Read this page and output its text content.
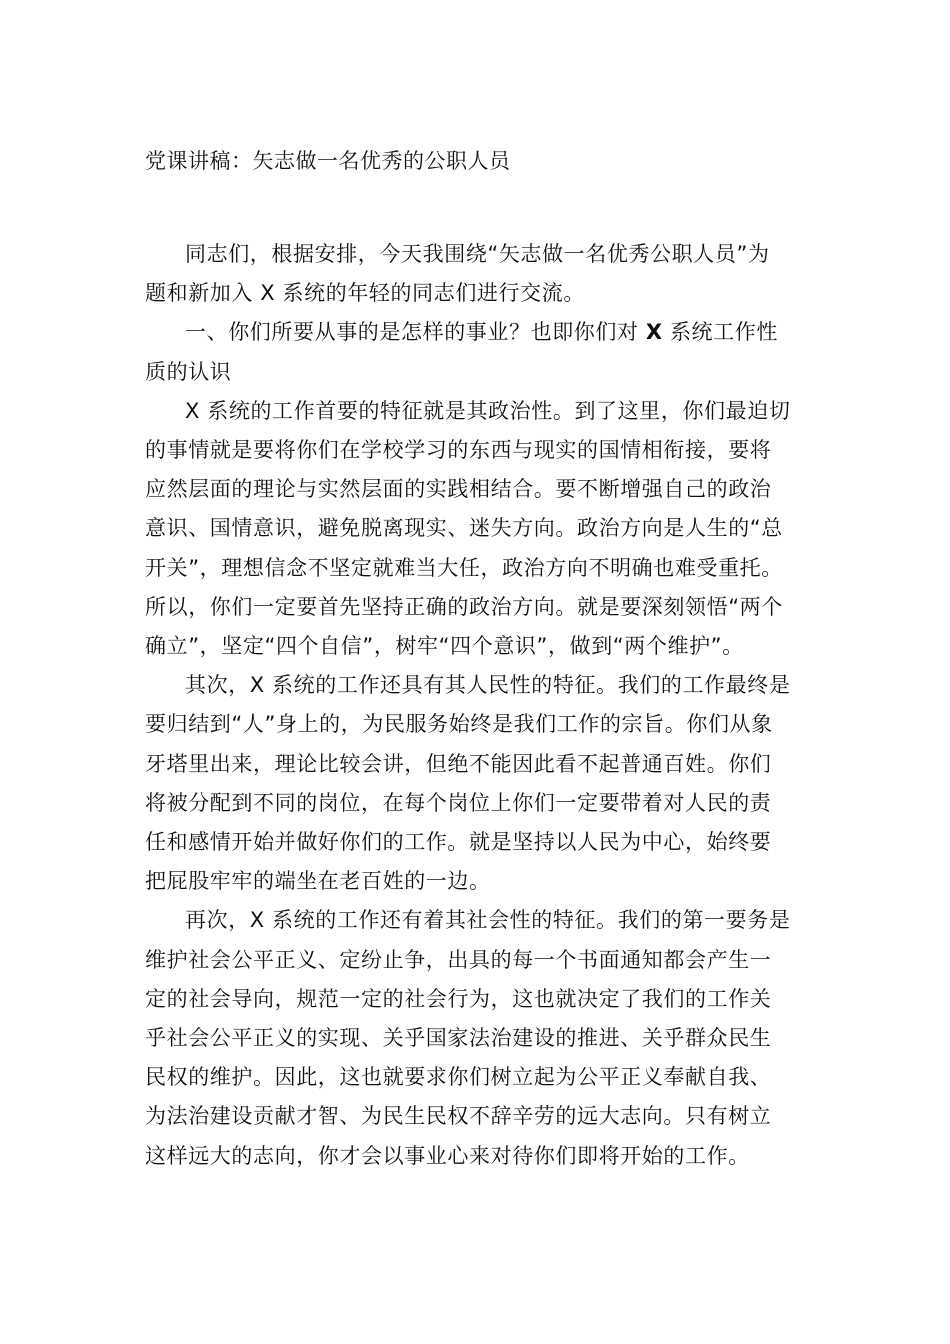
党课讲稿：矢志做一名优秀的公职人员

同志们，根据安排，今天我围绕“矢志做一名优秀公职人员”为
题和新加入 X 系统的年轻的同志们进行交流。

一、你们所要从事的是怎样的事业？也即你们对 X 系统工作性
质的认识

X 系统的工作首要的特征就是其政治性。到了这里，你们最迫切
的事情就是要将你们在学校学习的东西与现实的国情相衔接，要将
应然层面的理论与实然层面的实践相结合。要不断增强自己的政治
意识、国情意识，避免脱离现实、迷失方向。政治方向是人生的“总
开关”，理想信念不坚定就难当大任，政治方向不明确也难受重托。
所以，你们一定要首先坚持正确的政治方向。就是要深刻领悟“两个
确立”，坚定“四个自信”，树牢“四个意识”，做到“两个维护”。

其次，X 系统的工作还具有其人民性的特征。我们的工作最终是
要归结到“人”身上的，为民服务始终是我们工作的宗旨。你们从象
牙塔里出来，理论比较会讲，但绝不能因此看不起普通百姓。你们
将被分配到不同的岗位，在每个岗位上你们一定要带着对人民的责
任和感情开始并做好你们的工作。就是坚持以人民为中心，始终要
把屁股牢牢的端坐在老百姓的一边。

再次，X 系统的工作还有着其社会性的特征。我们的第一要务是
维护社会公平正义、定纷止争，出具的每一个书面通知都会产生一
定的社会导向，规范一定的社会行为，这也就决定了我们的工作关
乎社会公平正义的实现、关乎国家法治建设的推进、关乎群众民生
民权的维护。因此，这也就要求你们树立起为公平正义奉献自我、
为法治建设贡献才智、为民生民权不辞辛劳的远大志向。只有树立
这样远大的志向，你才会以事业心来对待你们即将开始的工作。
